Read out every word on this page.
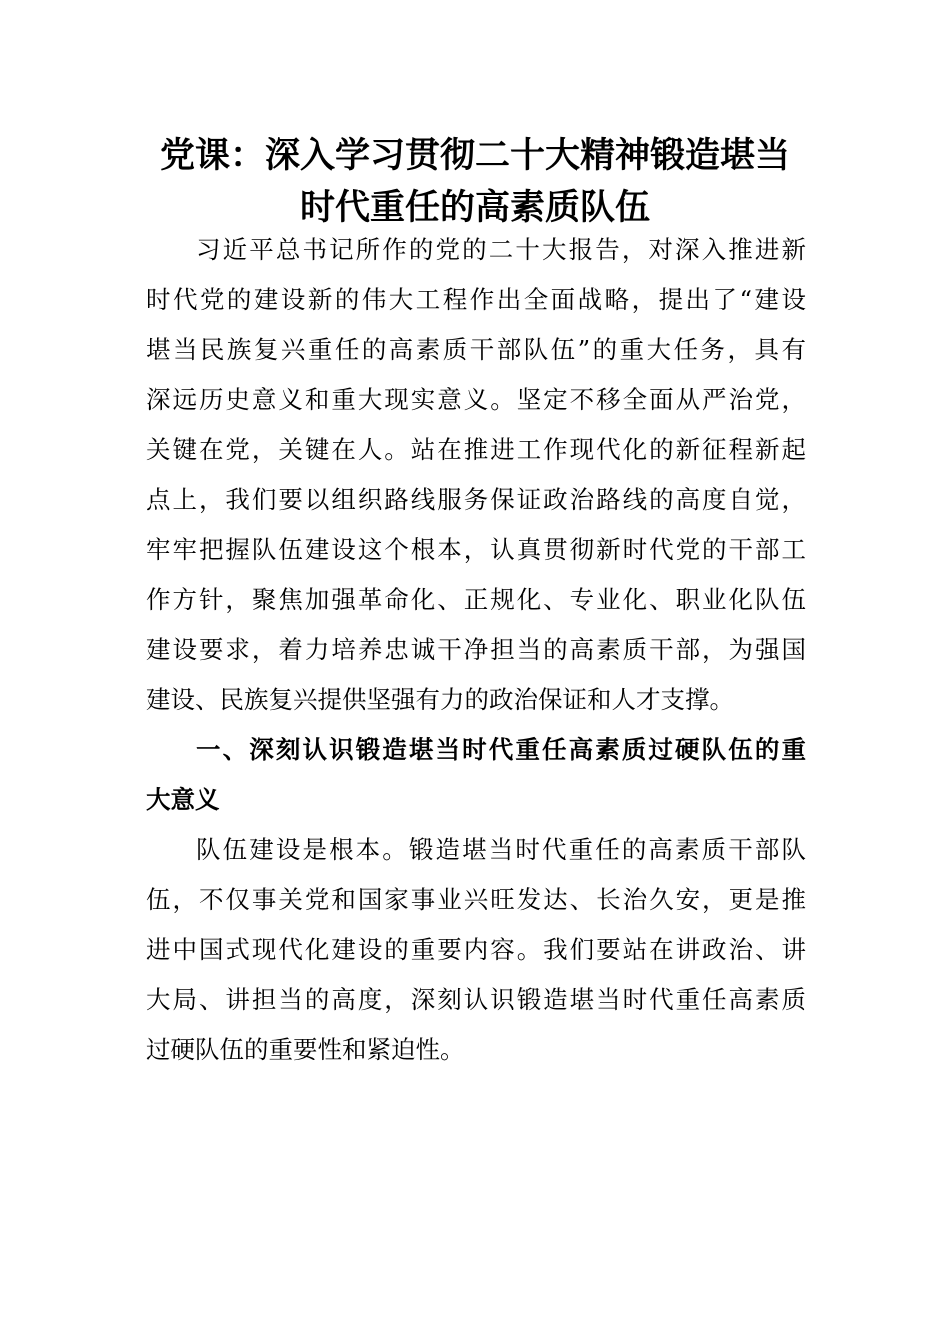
党课：深入学习贯彻二十大精神锻造堪当
时代重任的高素质队伍
习近平总书记所作的党的二十大报告，对深入推进新
时代党的建设新的伟大工程作出全面战略，提出了“建设
堪当民族复兴重任的高素质干部队伍”的重大任务，具有
深远历史意义和重大现实意义。坚定不移全面从严治党，
关键在党，关键在人。站在推进工作现代化的新征程新起
点上，我们要以组织路线服务保证政治路线的高度自觉，
牢牢把握队伍建设这个根本，认真贯彻新时代党的干部工
作方针，聚焦加强革命化、正规化、专业化、职业化队伍
建设要求，着力培养忠诚干净担当的高素质干部，为强国
建设、民族复兴提供坚强有力的政治保证和人才支撑。
一、深刻认识锻造堪当时代重任高素质过硬队伍的重
大意义
队伍建设是根本。锻造堪当时代重任的高素质干部队
伍，不仅事关党和国家事业兴旺发达、长治久安，更是推
进中国式现代化建设的重要内容。我们要站在讲政治、讲
大局、讲担当的高度，深刻认识锻造堪当时代重任高素质
过硬队伍的重要性和紧迫性。
